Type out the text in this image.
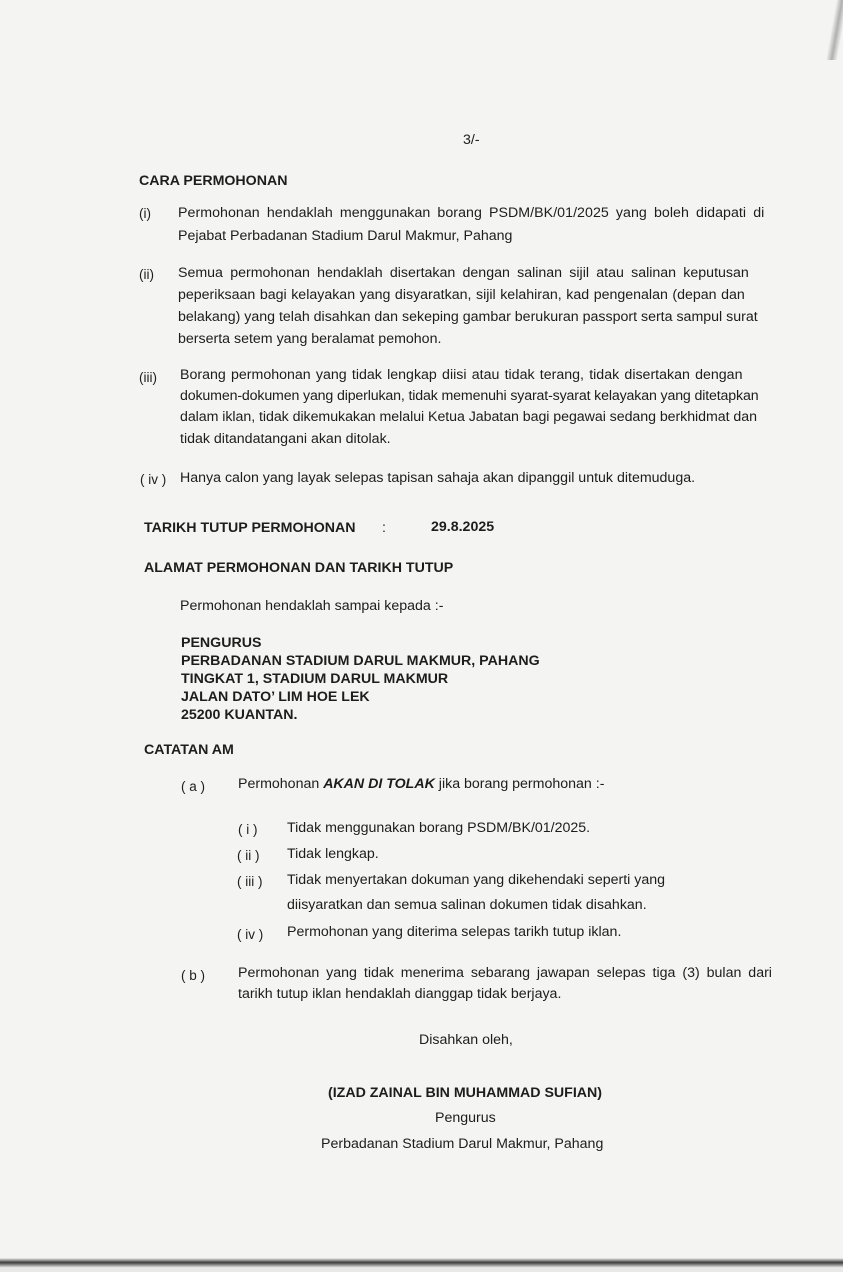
3/-
CARA PERMOHONAN
(i) Permohonan hendaklah menggunakan borang PSDM/BK/01/2025 yang boleh didapati di
Pejabat Perbadanan Stadium Darul Makmur, Pahang
(ii) Semua permohonan hendaklah disertakan dengan salinan sijil atau salinan keputusan
peperiksaan bagi kelayakan yang disyaratkan, sijil kelahiran, kad pengenalan (depan dan
belakang) yang telah disahkan dan sekeping gambar berukuran passport serta sampul surat
berserta setem yang beralamat pemohon.
(iii) Borang permohonan yang tidak lengkap diisi atau tidak terang, tidak disertakan dengan
dokumen-dokumen yang diperlukan, tidak memenuhi syarat-syarat kelayakan yang ditetapkan
dalam iklan, tidak dikemukakan melalui Ketua Jabatan bagi pegawai sedang berkhidmat dan
tidak ditandatangani akan ditolak.
( iv ) Hanya calon yang layak selepas tapisan sahaja akan dipanggil untuk ditemuduga.
TARIKH TUTUP PERMOHONAN :	29.8.2025
ALAMAT PERMOHONAN DAN TARIKH TUTUP
Permohonan hendaklah sampai kepada :-
PENGURUS
PERBADANAN STADIUM DARUL MAKMUR, PAHANG
TINGKAT 1, STADIUM DARUL MAKMUR
JALAN DATO’ LIM HOE LEK
25200 KUANTAN.
CATATAN AM
( a ) Permohonan AKAN DI TOLAK jika borang permohonan :-
( i ) Tidak menggunakan borang PSDM/BK/01/2025.
( ii ) Tidak lengkap.
( iii ) Tidak menyertakan dokuman yang dikehendaki seperti yang
diisyaratkan dan semua salinan dokumen tidak disahkan.
( iv ) Permohonan yang diterima selepas tarikh tutup iklan.
( b ) Permohonan yang tidak menerima sebarang jawapan selepas tiga (3) bulan dari
tarikh tutup iklan hendaklah dianggap tidak berjaya.
Disahkan oleh,
(IZAD ZAINAL BIN MUHAMMAD SUFIAN)
Pengurus
Perbadanan Stadium Darul Makmur, Pahang
